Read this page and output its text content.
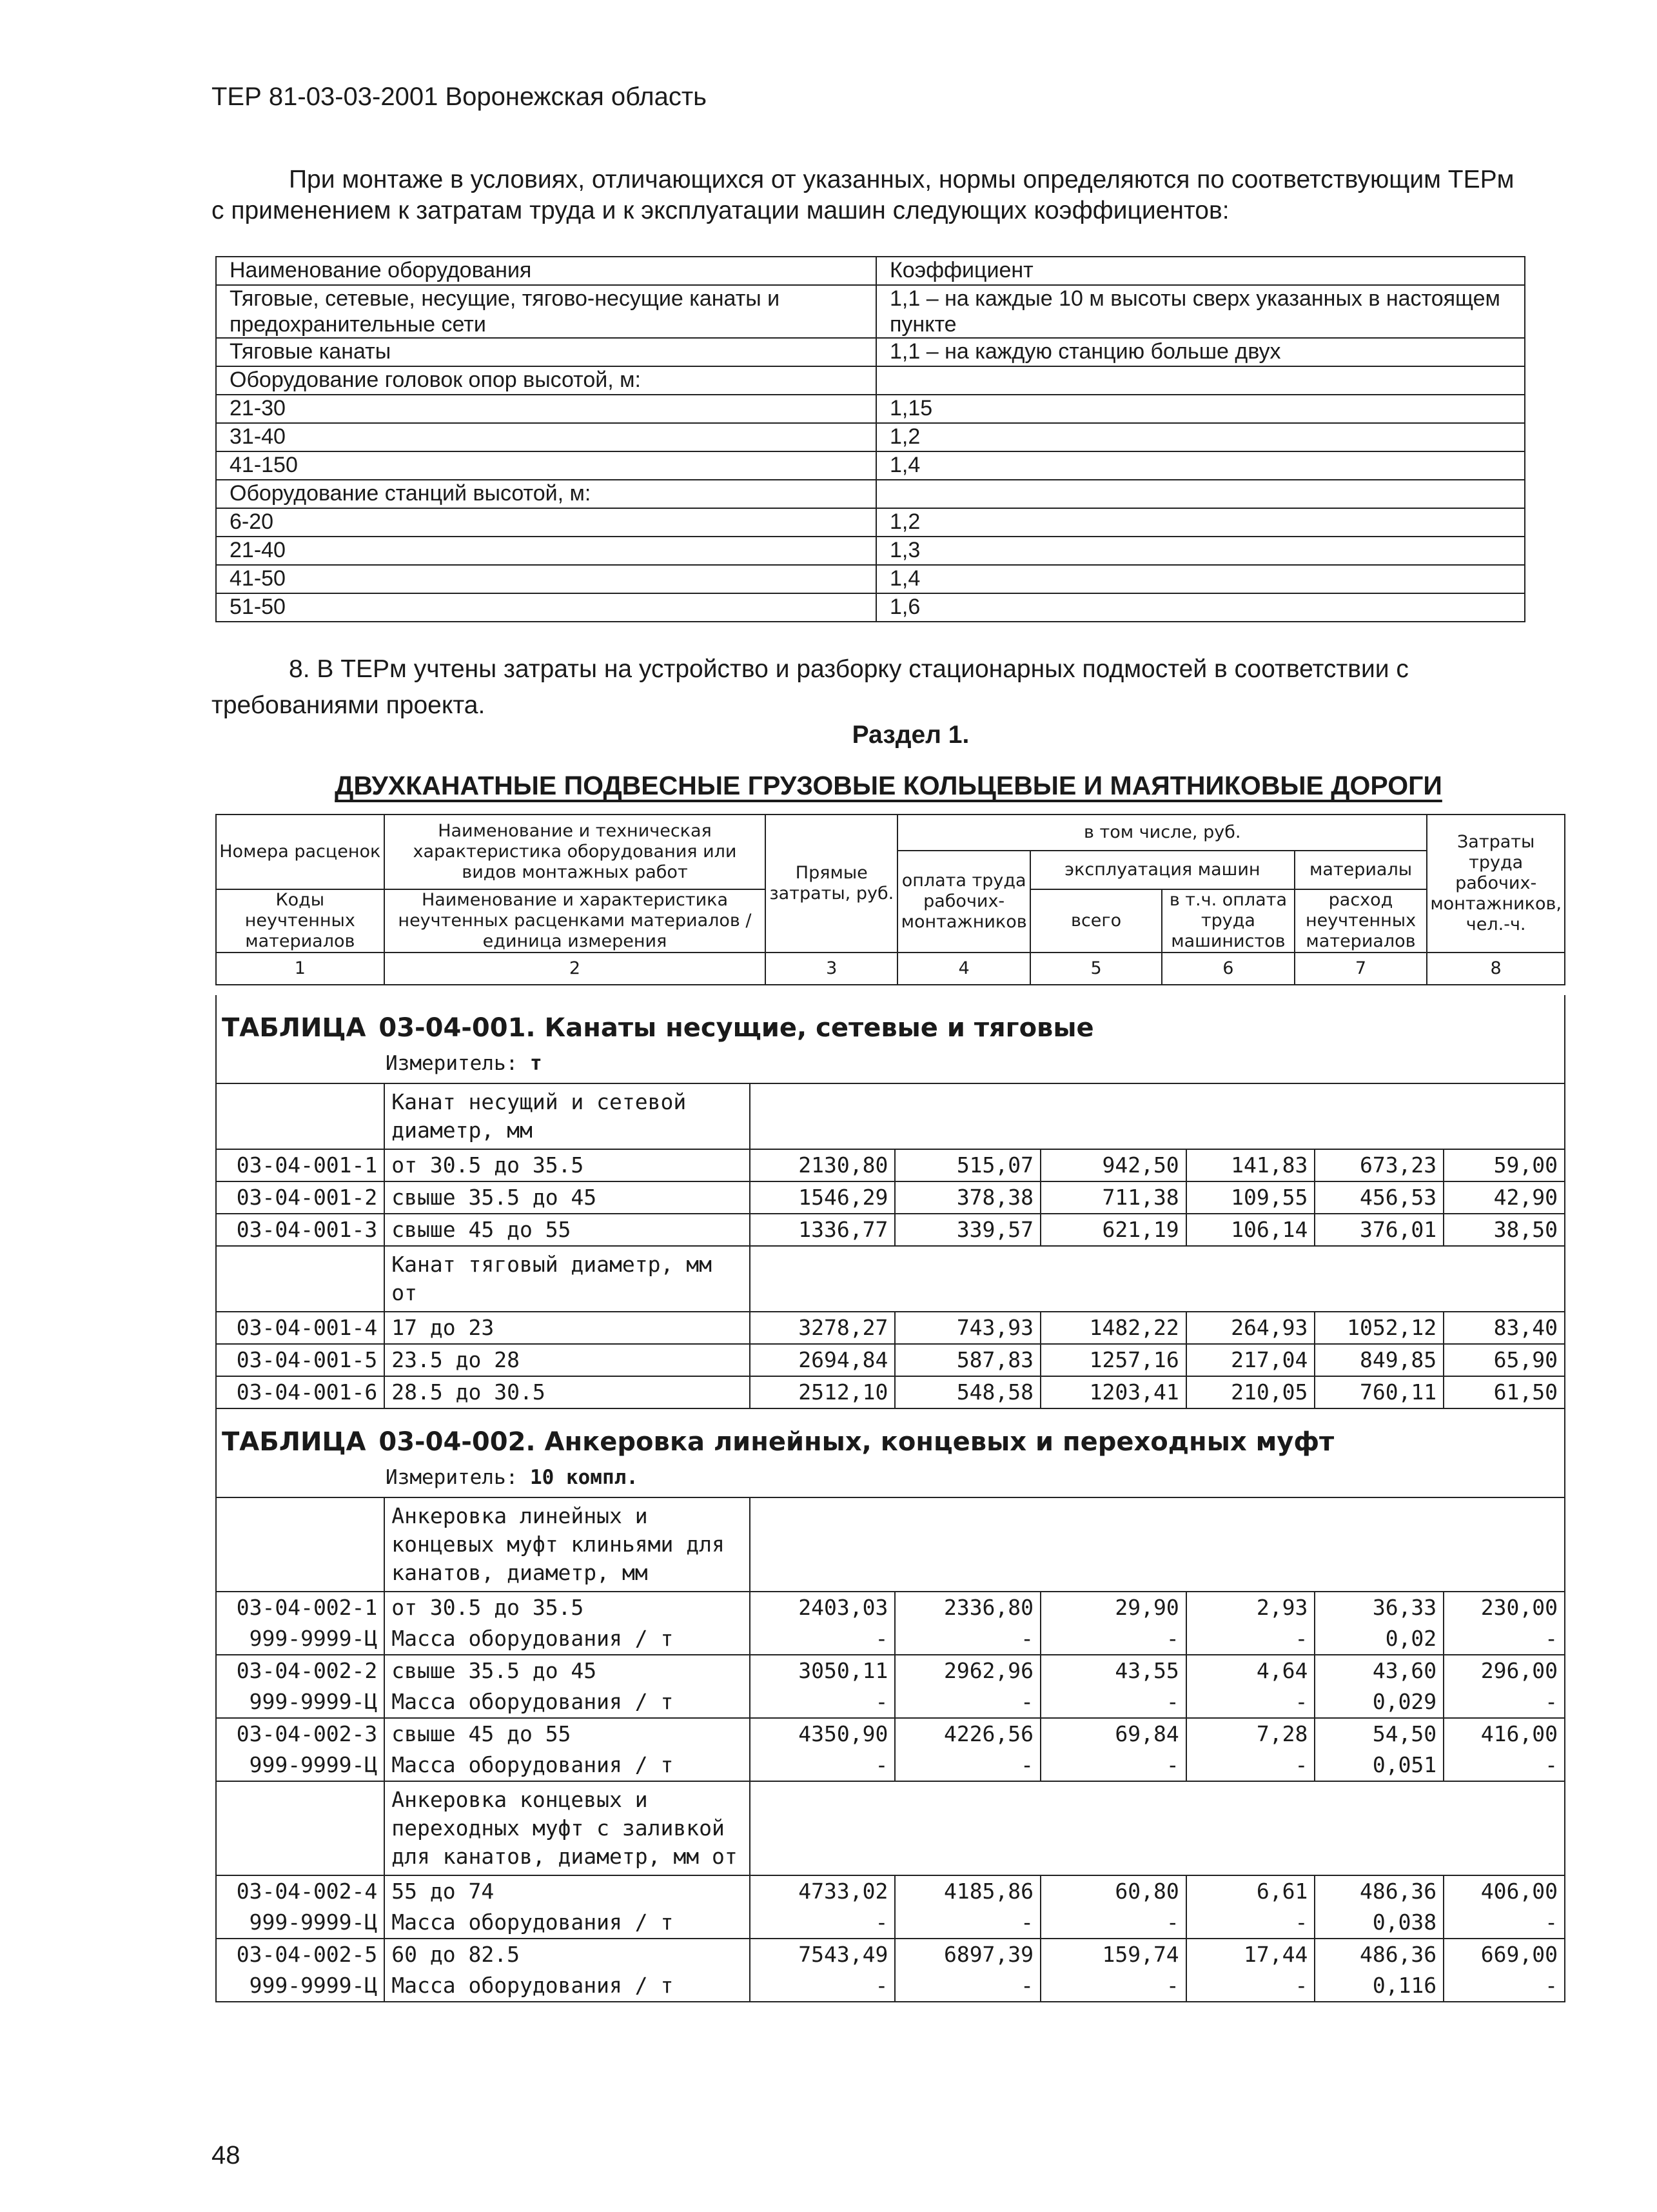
ТЕР 81-03-03-2001 Воронежская область

При монтаже в условиях, отличающихся от указанных, нормы определяются по соответствующим ТЕРм с применением к затратам труда и к эксплуатации машин следующих коэффициентов:

Наименование оборудования	Коэффициент
Тяговые, сетевые, несущие, тягово-несущие канаты и предохранительные сети	1,1 – на каждые 10 м высоты сверх указанных в настоящем пункте
Тяговые канаты	1,1 – на каждую станцию больше двух
Оборудование головок опор высотой, м:	
21-30	1,15
31-40	1,2
41-150	1,4
Оборудование станций высотой, м:	
6-20	1,2
21-40	1,3
41-50	1,4
51-50	1,6
8. В ТЕРм учтены затраты на устройство и разборку стационарных подмостей в соответствии с требованиями проекта.
Раздел 1.
ДВУХКАНАТНЫЕ ПОДВЕСНЫЕ ГРУЗОВЫЕ КОЛЬЦЕВЫЕ И МАЯТНИКОВЫЕ ДОРОГИ
Номера расценок	Наименование и техническая характеристика оборудования или видов монтажных работ	Прямые затраты, руб.	в том числе, руб.				Затраты труда рабочих-монтажников, чел.-ч.
			оплата труда рабочих-монтажников	эксплуатация машин		материалы	
Коды неучтенных материалов	Наименование и характеристика неучтенных расценками материалов / единица измерения			всего	в т.ч. оплата труда машинистов	расход неучтенных материалов	

1	2	3	4	5	6	7	8
ТАБЛИЦА 03-04-001. Канаты несущие, сетевые и тяговые							
Измеритель: т							
	Канат несущий и сетевой диаметр, мм						
03-04-001-1	от 30.5 до 35.5	2130,80	515,07	942,50	141,83	673,23	59,00
03-04-001-2	свыше 35.5 до 45	1546,29	378,38	711,38	109,55	456,53	42,90
03-04-001-3	свыше 45 до 55	1336,77	339,57	621,19	106,14	376,01	38,50
	Канат тяговый диаметр, мм от						
03-04-001-4	17 до 23	3278,27	743,93	1482,22	264,93	1052,12	83,40
03-04-001-5	23.5 до 28	2694,84	587,83	1257,16	217,04	849,85	65,90
03-04-001-6	28.5 до 30.5	2512,10	548,58	1203,41	210,05	760,11	61,50
ТАБЛИЦА 03-04-002. Анкеровка линейных, концевых и переходных муфт							
Измеритель: 10 компл.							
	Анкеровка линейных и концевых муфт клиньями для канатов, диаметр, мм						
03-04-002-1	от 30.5 до 35.5	2403,03	2336,80	29,90	2,93	36,33	230,00
999-9999-Ц	Масса оборудования / т	-	-	-	-	0,02	-
03-04-002-2	свыше 35.5 до 45	3050,11	2962,96	43,55	4,64	43,60	296,00
999-9999-Ц	Масса оборудования / т	-	-	-	-	0,029	-
03-04-002-3	свыше 45 до 55	4350,90	4226,56	69,84	7,28	54,50	416,00
999-9999-Ц	Масса оборудования / т	-	-	-	-	0,051	-
	Анкеровка концевых и переходных муфт с заливкой для канатов, диаметр, мм от						
03-04-002-4	55 до 74	4733,02	4185,86	60,80	6,61	486,36	406,00
999-9999-Ц	Масса оборудования / т	-	-	-	-	0,038	-
03-04-002-5	60 до 82.5	7543,49	6897,39	159,74	17,44	486,36	669,00
999-9999-Ц	Масса оборудования / т	-	-	-	-	0,116	-
48
